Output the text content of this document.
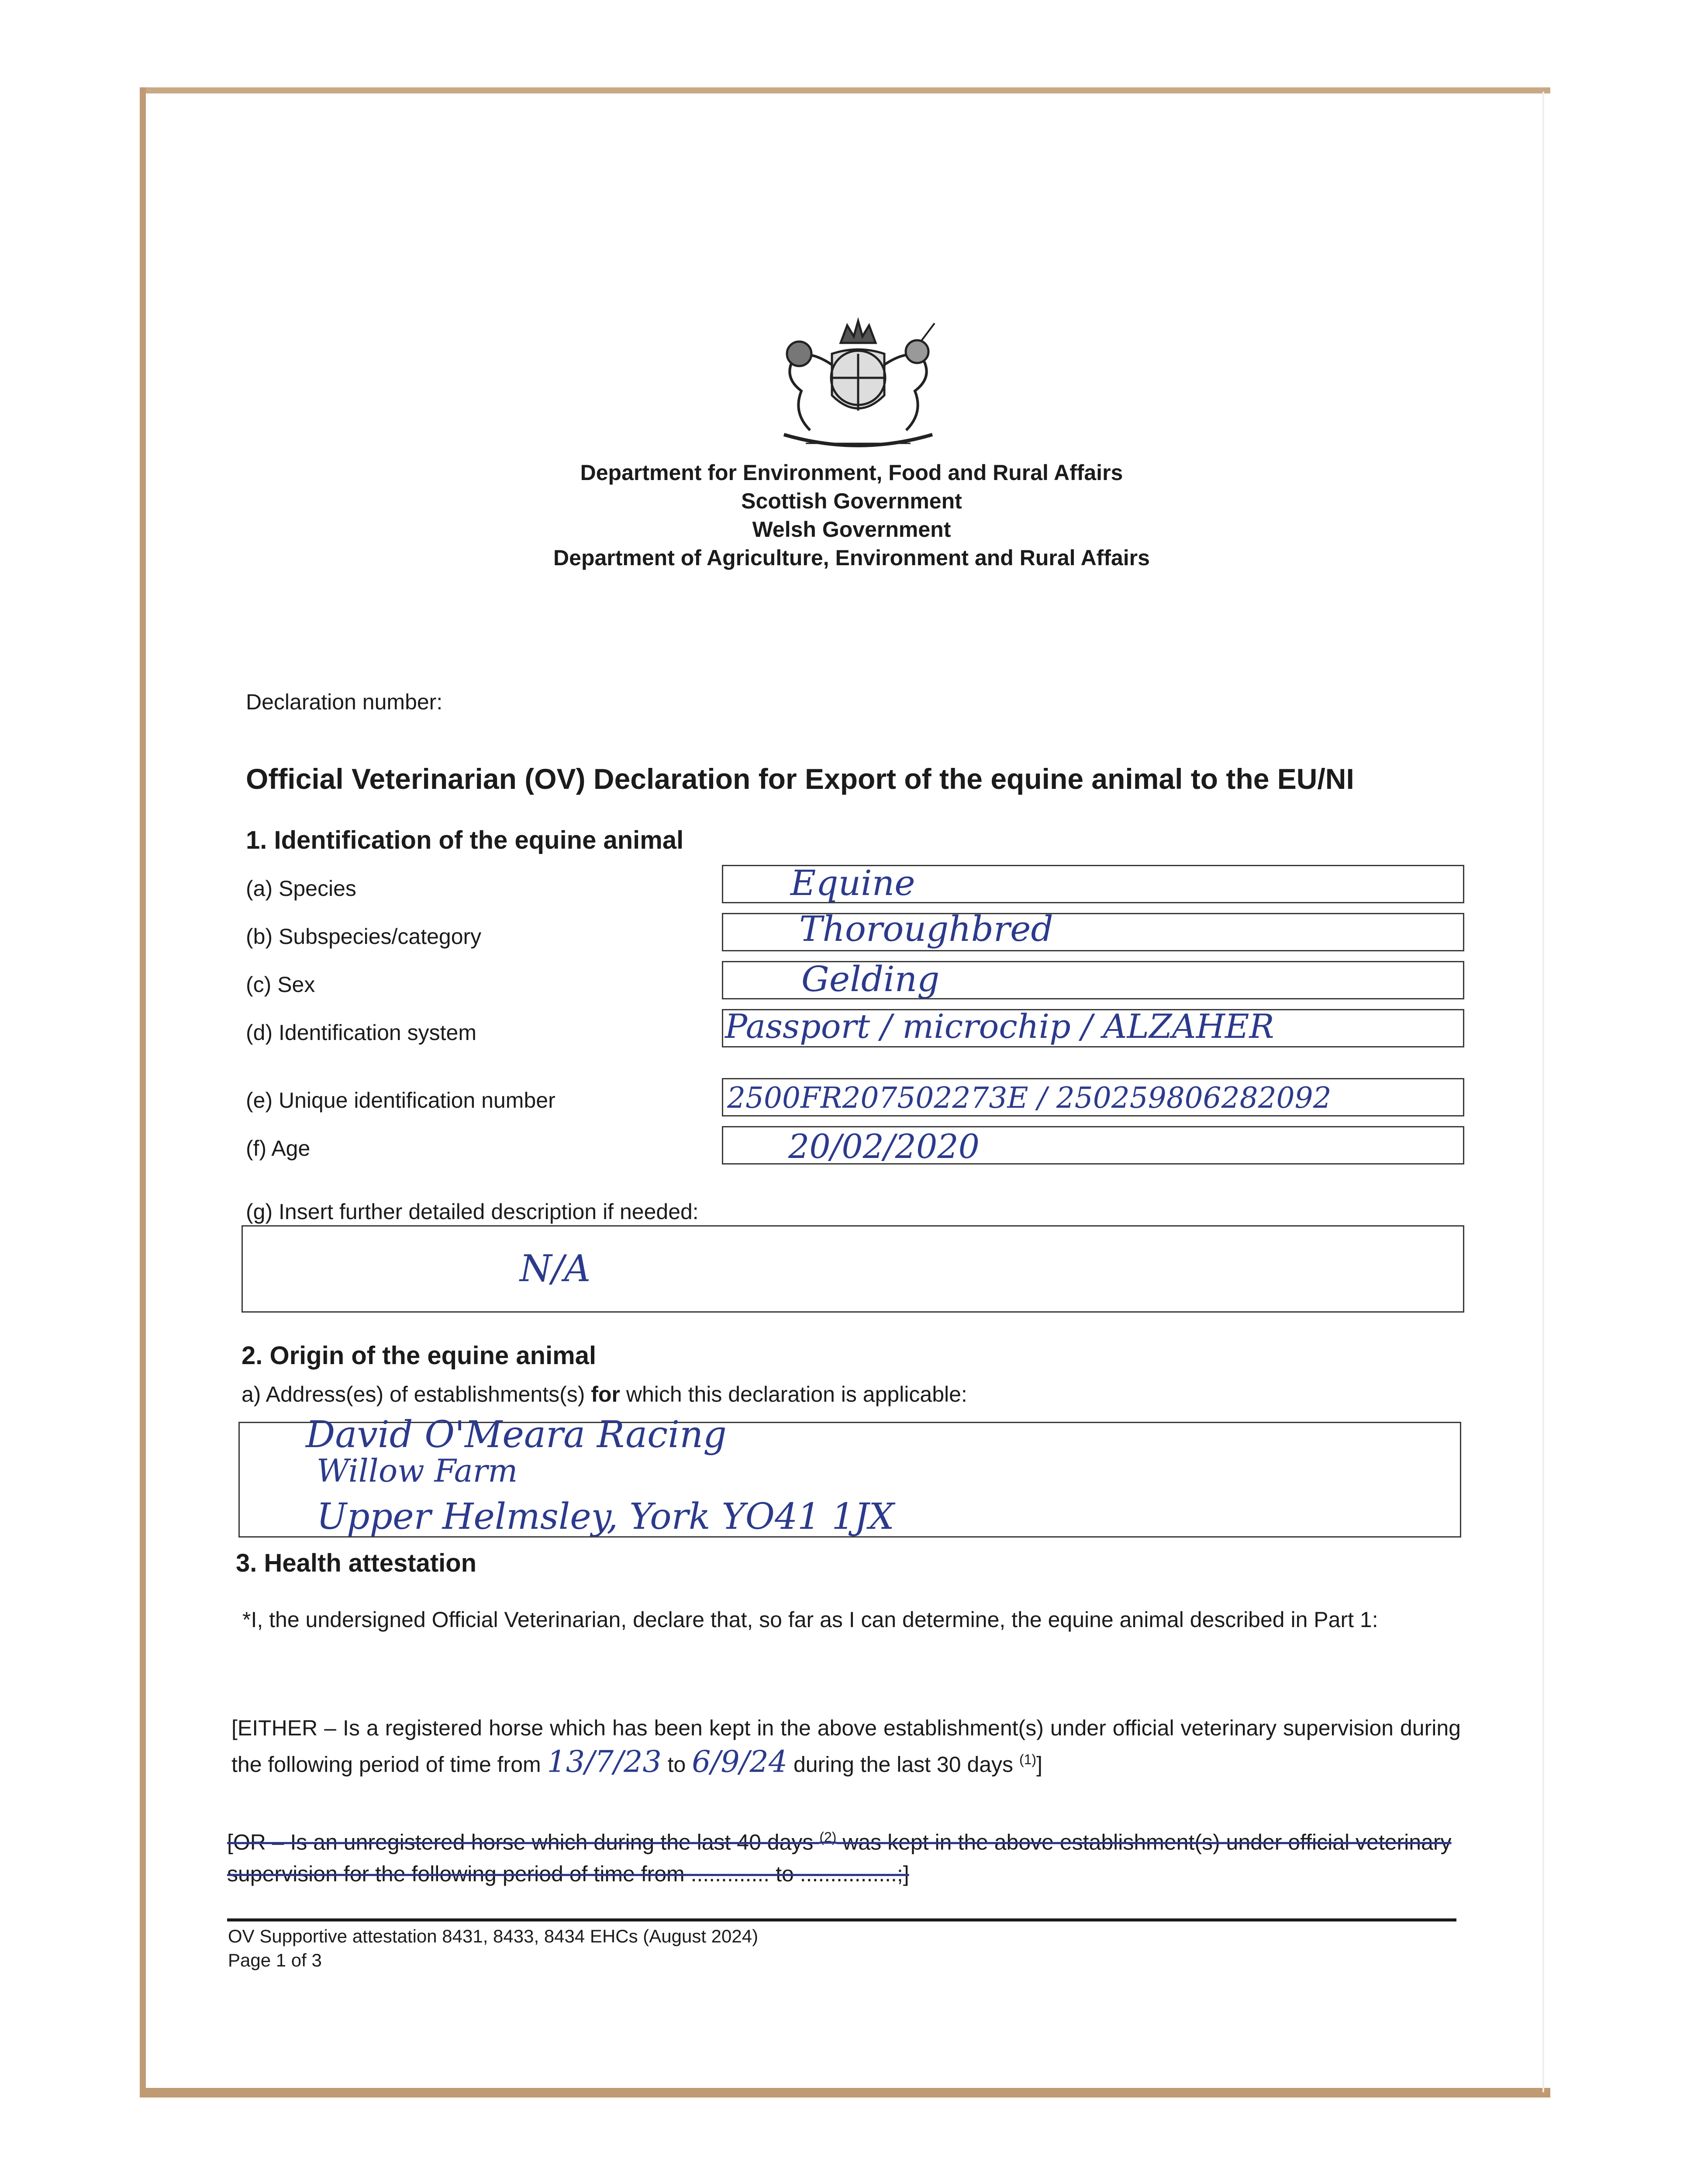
Department for Environment, Food and Rural Affairs
Scottish Government
Welsh Government
Department of Agriculture, Environment and Rural Affairs
Declaration number:
Official Veterinarian (OV) Declaration for Export of the equine animal to the EU/NI
1. Identification of the equine animal
(a) Species	Equine
(b) Subspecies/category	Thoroughbred
(c) Sex	Gelding
(d) Identification system	Passport / microchip / ALZAHER
(e) Unique identification number	2500FR207502273E / 250259806282092
(f) Age	20/02/2020
(g) Insert further detailed description if needed:
N/A
2. Origin of the equine animal
a) Address(es) of establishments(s) for which this declaration is applicable:
David O'Meara Racing
Willow Farm
Upper Helmsley, York YO41 1JX
3. Health attestation
*I, the undersigned Official Veterinarian, declare that, so far as I can determine, the equine animal described in Part 1:
[EITHER – Is a registered horse which has been kept in the above establishment(s) under official veterinary supervision during the following period of time from 13/7/23 to 6/9/24 during the last 30 days $^{(1)}$]
[OR – Is an unregistered horse which during the last 40 days $^{(2)}$ was kept in the above establishment(s) under official veterinary supervision for the following period of time from ............. to ................;]
OV Supportive attestation 8431, 8433, 8434 EHCs (August 2024)
Page 1 of 3
